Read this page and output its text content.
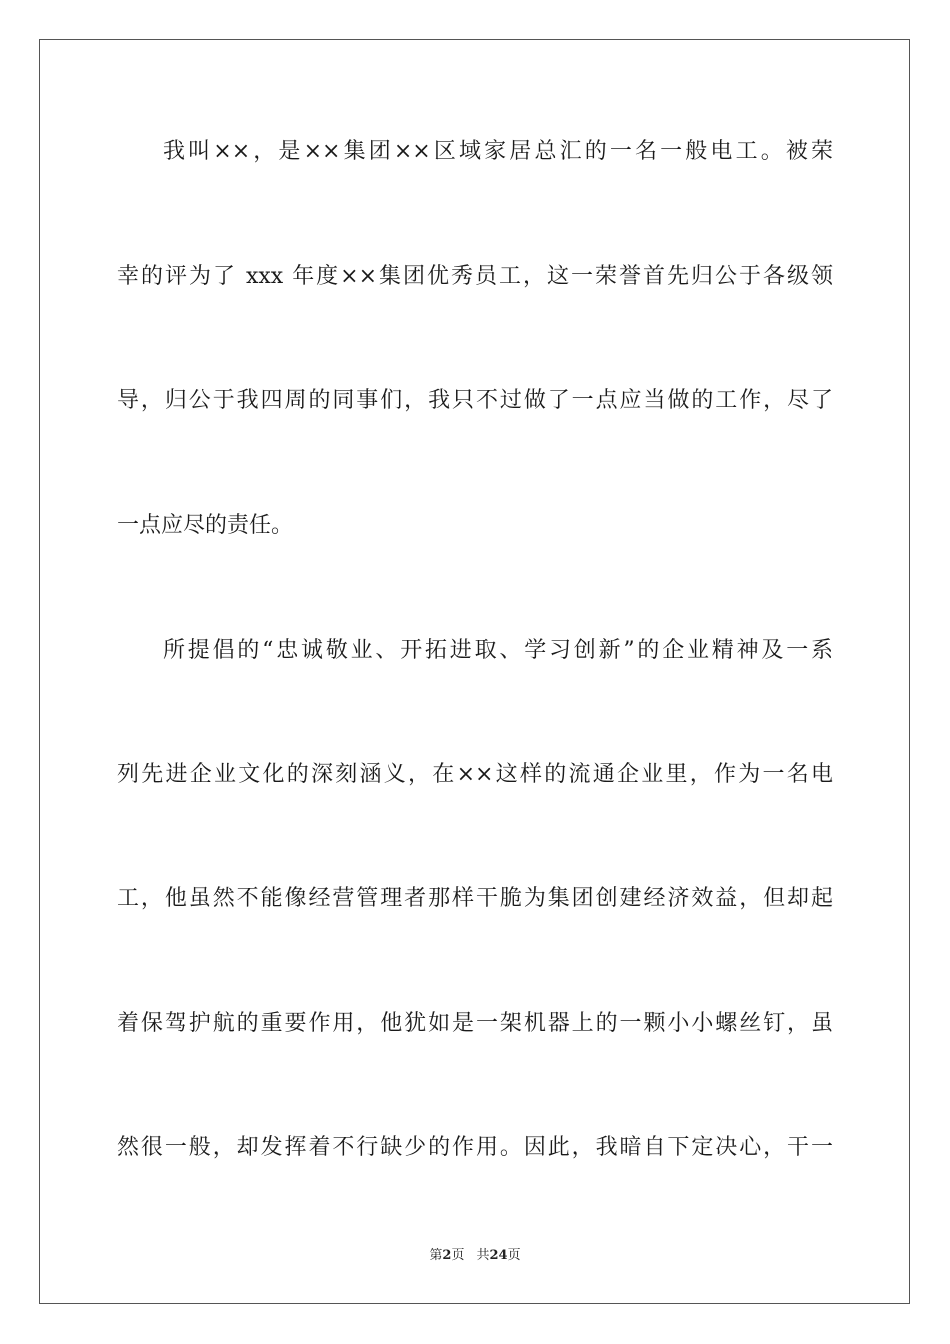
我叫××，是××集团××区域家居总汇的一名一般电工。被荣
幸的评为了 xxx 年度××集团优秀员工，这一荣誉首先归公于各级领
导，归公于我四周的同事们，我只不过做了一点应当做的工作，尽了
一点应尽的责任。
所提倡的“忠诚敬业、开拓进取、学习创新”的企业精神及一系
列先进企业文化的深刻涵义，在××这样的流通企业里，作为一名电
工，他虽然不能像经营管理者那样干脆为集团创建经济效益，但却起
着保驾护航的重要作用，他犹如是一架机器上的一颗小小螺丝钉，虽
然很一般，却发挥着不行缺少的作用。因此，我暗自下定决心，干一
第2页 共24页
